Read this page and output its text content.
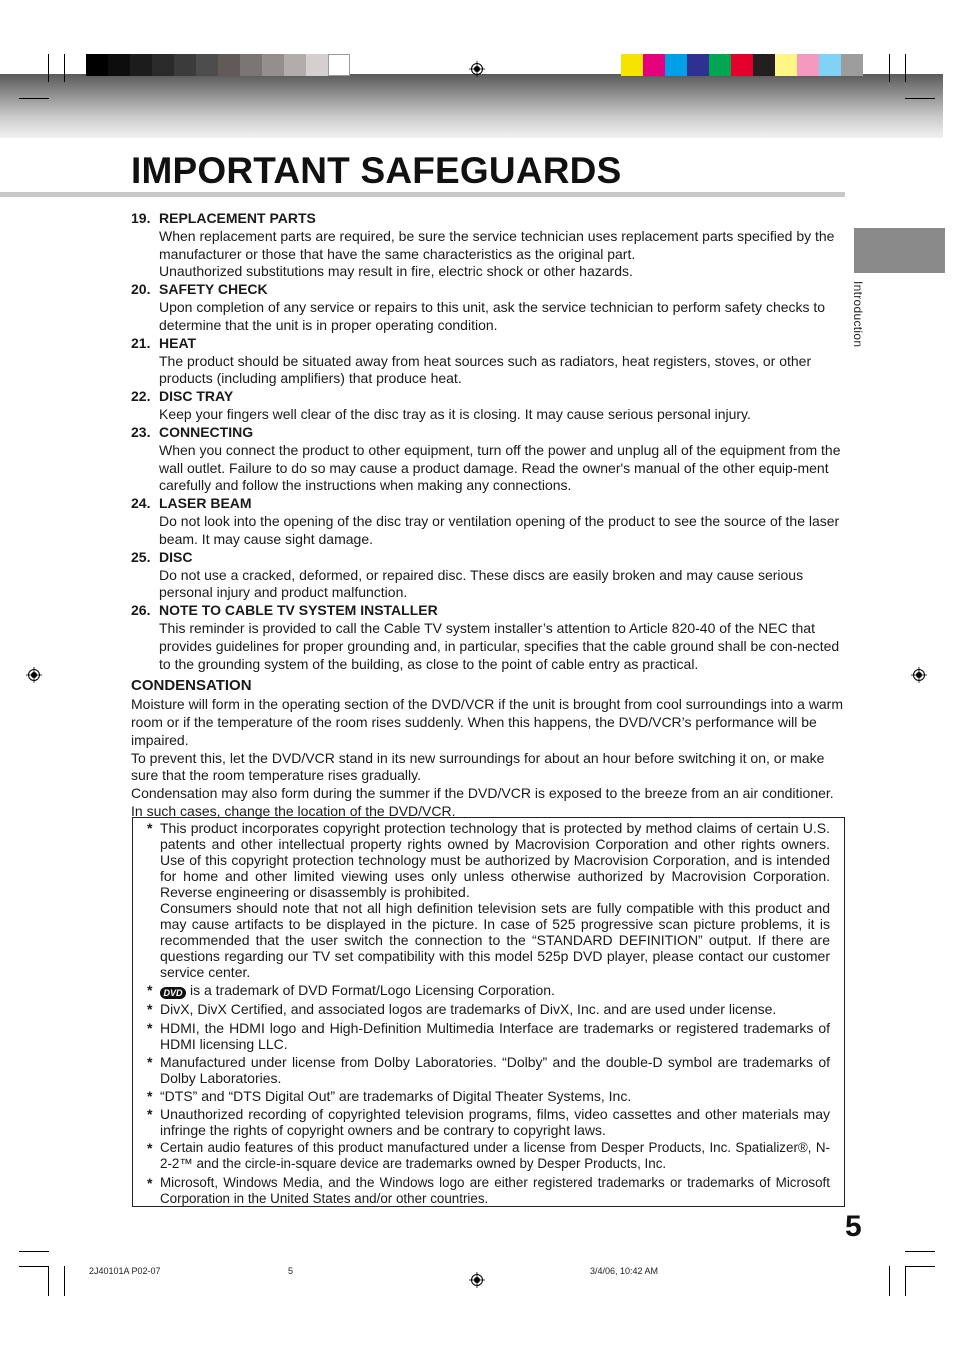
IMPORTANT SAFEGUARDS
Introduction
19. REPLACEMENT PARTS
When replacement parts are required, be sure the service technician uses replacement parts specified by the manufacturer or those that have the same characteristics as the original part.
Unauthorized substitutions may result in fire, electric shock or other hazards.
20. SAFETY CHECK
Upon completion of any service or repairs to this unit, ask the service technician to perform safety checks to determine that the unit is in proper operating condition.
21. HEAT
The product should be situated away from heat sources such as radiators, heat registers, stoves, or other products (including amplifiers) that produce heat.
22. DISC TRAY
Keep your fingers well clear of the disc tray as it is closing. It may cause serious personal injury.
23. CONNECTING
When you connect the product to other equipment, turn off the power and unplug all of the equipment from the wall outlet. Failure to do so may cause a product damage. Read the owner's manual of the other equip-ment carefully and follow the instructions when making any connections.
24. LASER BEAM
Do not look into the opening of the disc tray or ventilation opening of the product to see the source of the laser beam. It may cause sight damage.
25. DISC
Do not use a cracked, deformed, or repaired disc. These discs are easily broken and may cause serious personal injury and product malfunction.
26. NOTE TO CABLE TV SYSTEM INSTALLER
This reminder is provided to call the Cable TV system installer’s attention to Article 820-40 of the NEC that provides guidelines for proper grounding and, in particular, specifies that the cable ground shall be con-nected to the grounding system of the building, as close to the point of cable entry as practical.
CONDENSATION

Moisture will form in the operating section of the DVD/VCR if the unit is brought from cool surroundings into a warm room or if the temperature of the room rises suddenly. When this happens, the DVD/VCR’s performance will be impaired.

To prevent this, let the DVD/VCR stand in its new surroundings for about an hour before switching it on, or make sure that the room temperature rises gradually.

Condensation may also form during the summer if the DVD/VCR is exposed to the breeze from an air conditioner. In such cases, change the location of the DVD/VCR.

* This product incorporates copyright protection technology that is protected by method claims of certain U.S. patents and other intellectual property rights owned by Macrovision Corporation and other rights owners. Use of this copyright protection technology must be authorized by Macrovision Corporation, and is intended for home and other limited viewing uses only unless otherwise authorized by Macrovision Corporation. Reverse engineering or disassembly is prohibited.
Consumers should note that not all high definition television sets are fully compatible with this product and may cause artifacts to be displayed in the picture. In case of 525 progressive scan picture problems, it is recommended that the user switch the connection to the “STANDARD DEFINITION” output. If there are questions regarding our TV set compatibility with this model 525p DVD player, please contact our customer service center.
*	DVD is a trademark of DVD Format/Logo Licensing Corporation.
* DivX, DivX Certified, and associated logos are trademarks of DivX, Inc. and are used under license.
* HDMI, the HDMI logo and High-Definition Multimedia Interface are trademarks or registered trademarks of HDMI licensing LLC.
* Manufactured under license from Dolby Laboratories. “Dolby” and the double-D symbol are trademarks of Dolby Laboratories.
* “DTS” and “DTS Digital Out” are trademarks of Digital Theater Systems, Inc.
* Unauthorized recording of copyrighted television programs, films, video cassettes and other materials may infringe the rights of copyright owners and be contrary to copyright laws.
* Certain audio features of this product manufactured under a license from Desper Products, Inc. Spatializer®, N-2-2™ and the circle-in-square device are trademarks owned by Desper Products, Inc.
* Microsoft, Windows Media, and the Windows logo are either registered trademarks or trademarks of Microsoft Corporation in the United States and/or other countries.
5
2J40101A P02-07	5	3/4/06, 10:42 AM
